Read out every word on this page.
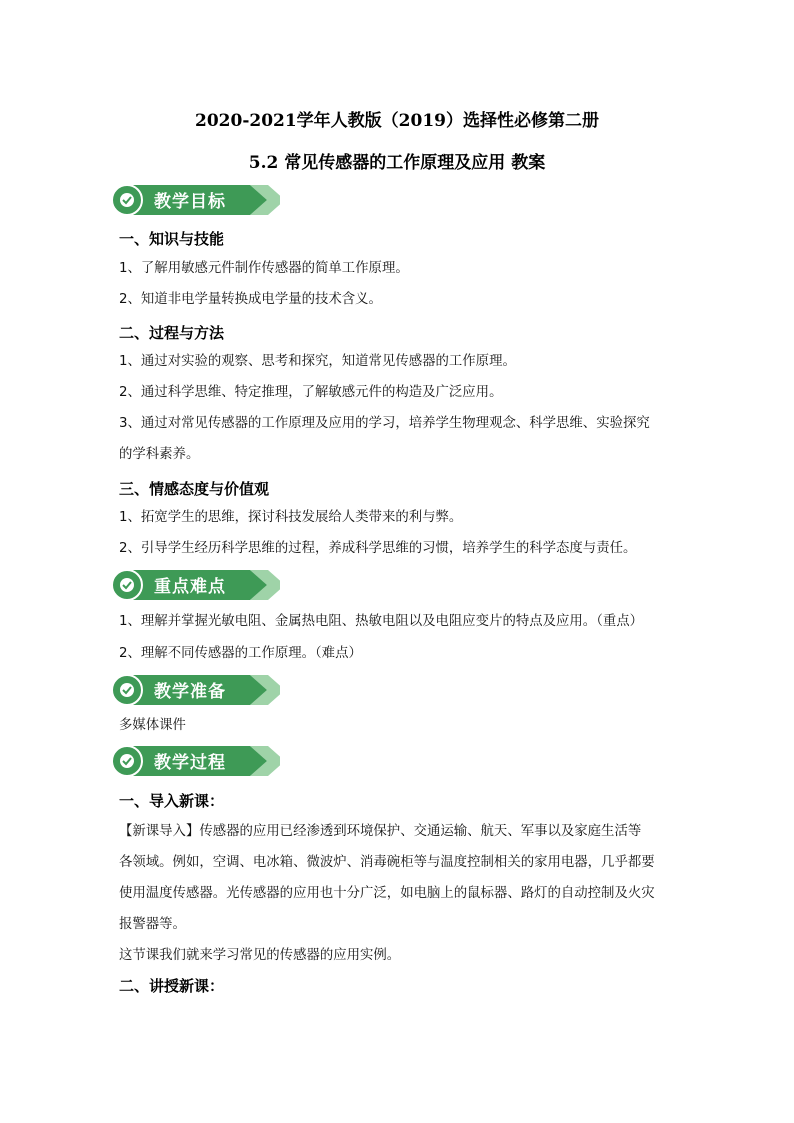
2020-2021学年人教版（2019）选择性必修第二册
5.2 常见传感器的工作原理及应用 教案
教学目标
一、知识与技能
1、了解用敏感元件制作传感器的简单工作原理。
2、知道非电学量转换成电学量的技术含义。
二、过程与方法
1、通过对实验的观察、思考和探究，知道常见传感器的工作原理。
2、通过科学思维、特定推理，了解敏感元件的构造及广泛应用。
3、通过对常见传感器的工作原理及应用的学习，培养学生物理观念、科学思维、实验探究
的学科素养。
三、情感态度与价值观
1、拓宽学生的思维，探讨科技发展给人类带来的利与弊。
2、引导学生经历科学思维的过程，养成科学思维的习惯，培养学生的科学态度与责任。
重点难点
1、理解并掌握光敏电阻、金属热电阻、热敏电阻以及电阻应变片的特点及应用。（重点）
2、理解不同传感器的工作原理。（难点）
教学准备
多媒体课件
教学过程
一、导入新课：
【新课导入】传感器的应用已经渗透到环境保护、交通运输、航天、军事以及家庭生活等
各领域。例如，空调、电冰箱、微波炉、消毒碗柜等与温度控制相关的家用电器，几乎都要
使用温度传感器。光传感器的应用也十分广泛，如电脑上的鼠标器、路灯的自动控制及火灾
报警器等。
这节课我们就来学习常见的传感器的应用实例。
二、讲授新课：
